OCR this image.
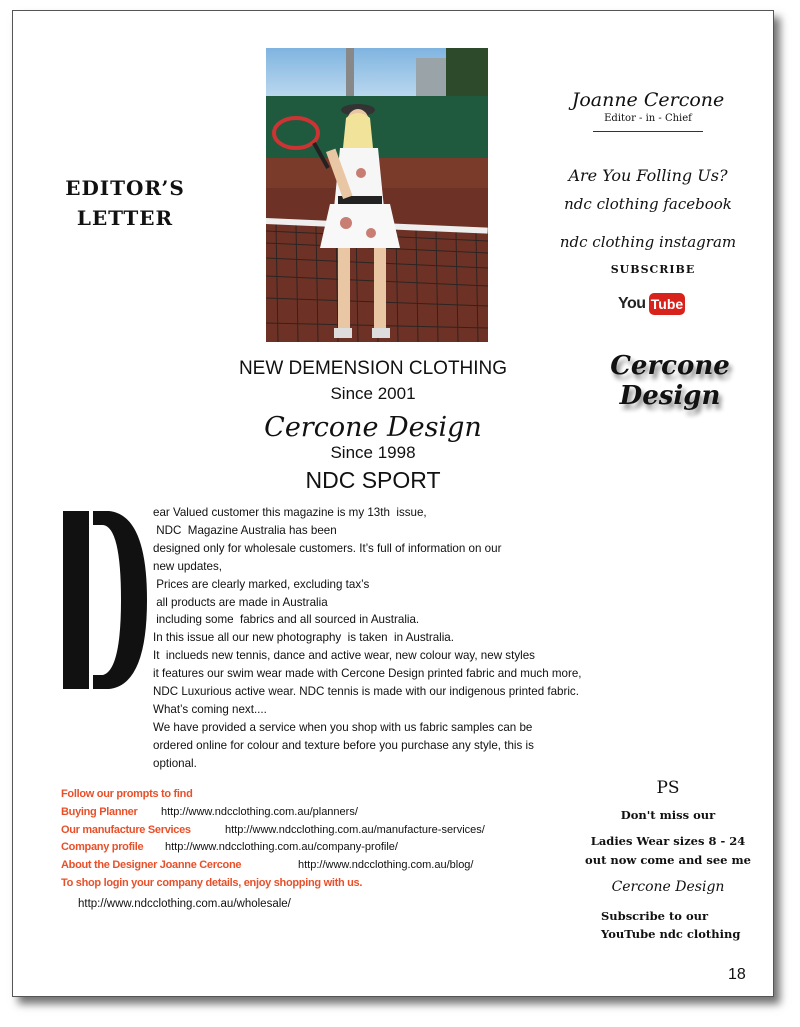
EDITOR’S
LETTER
Joanne Cercone
Editor - in - Chief
Are You Folling Us?
ndc clothing facebook
ndc clothing instagram
SUBSCRIBE
You Tube
Cercone Design
NEW DEMENSION CLOTHING
Since 2001
Cercone Design
Since 1998
NDC SPORT
ear Valued customer this magazine is my 13th  issue,
NDC  Magazine Australia has been
designed only for wholesale customers. It’s full of information on our
new updates,
Prices are clearly marked, excluding tax’s
all products are made in Australia
including some  fabrics and all sourced in Australia.
In this issue all our new photography  is taken  in Australia.
It  inclueds new tennis, dance and active wear, new colour way, new styles
it features our swim wear made with Cercone Design printed fabric and much more,
NDC Luxurious active wear. NDC tennis is made with our indigenous printed fabric.
What’s coming next....
We have provided a service when you shop with us fabric samples can be
ordered online for colour and texture before you purchase any style, this is
optional.
Follow our prompts to find
Buying Planner http://www.ndcclothing.com.au/planners/
Our manufacture Services	http://www.ndcclothing.com.au/manufacture-services/
Company profile http://www.ndcclothing.com.au/company-profile/
About the Designer Joanne Cercone	http://www.ndcclothing.com.au/blog/
To shop login your company details, enjoy shopping with us.
http://www.ndcclothing.com.au/wholesale/
PS
Don't miss our
Ladies Wear sizes 8 - 24
out now come and see me
Cercone Design
Subscribe to our
YouTube ndc clothing
18
